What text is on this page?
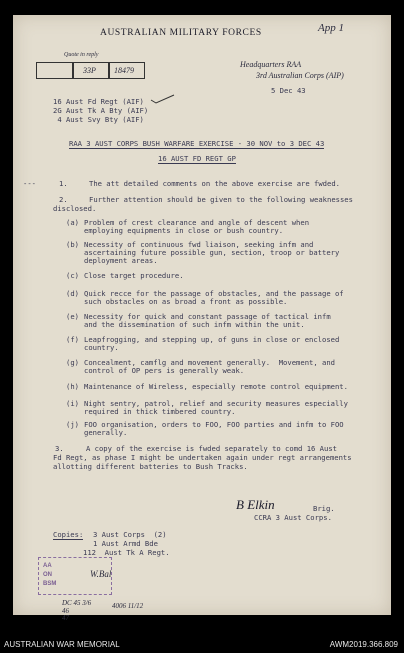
AUSTRALIAN MILITARY FORCES	App 1
Quote in reply
33P 18479
Headquarters RAA
3rd Australian Corps (AIP)
5 Dec 43
16 Aust Fd Regt (AIF)
2G Aust Tk A Bty (AIF)
4 Aust Svy Bty (AIF)
RAA 3 AUST CORPS BUSH WARFARE EXERCISE - 30 NOV to 3 DEC 43
16 AUST FD REGT GP
---	1.	The att detailed comments on the above exercise are fwded.
2.	Further attention should be given to the following weaknesses
disclosed.
(a) Problem of crest clearance and angle of descent when
employing equipments in close or bush country.
(b) Necessity of continuous fwd liaison, seeking infm and
ascertaining future possible gun, section, troop or battery
deployment areas.
(c) Close target procedure.
(d) Quick recce for the passage of obstacles, and the passage of
such obstacles on as broad a front as possible.
(e) Necessity for quick and constant passage of tactical infm
and the dissemination of such infm within the unit.
(f) Leapfrogging, and stepping up, of guns in close or enclosed
country.
(g) Concealment, camflg and movement generally.  Movement, and
control of OP pers is generally weak.
(h) Maintenance of Wireless, especially remote control equipment.
(i) Night sentry, patrol, relief and security measures especially
required in thick timbered country.
(j) FOO organisation, orders to FOO, FOO parties and infm to FOO
generally.
3.	A copy of the exercise is fwded separately to comd 16 Aust
Fd Regt, as phase I might be undertaken again under regt arrangements
allotting different batteries to Bush Tracks.
B Elkin	Brig.
CCRA 3 Aust Corps.
Copies: 3 Aust Corps  (2)
1 Aust Armd Bde
112  Aust Tk A Regt.
AA
ON
BSM
W.Bal
DC 45 3/6
46
47
4006 11/12
AUSTRALIAN WAR MEMORIAL	AWM2019.366.809
